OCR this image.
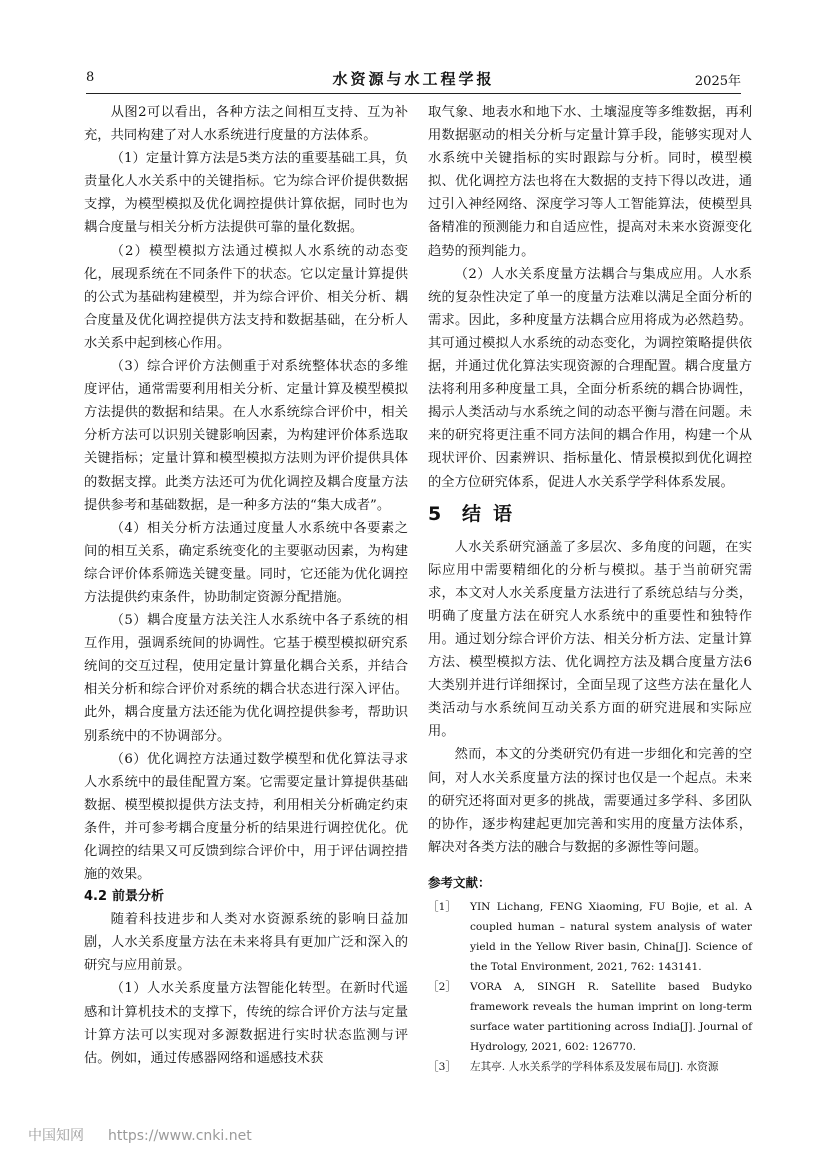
8	水资源与水工程学报	2025年

从图2可以看出，各种方法之间相互支持、互为补充，共同构建了对人水系统进行度量的方法体系。

（1）定量计算方法是5类方法的重要基础工具，负责量化人水关系中的关键指标。它为综合评价提供数据支撑，为模型模拟及优化调控提供计算依据，同时也为耦合度量与相关分析方法提供可靠的量化数据。

（2）模型模拟方法通过模拟人水系统的动态变化，展现系统在不同条件下的状态。它以定量计算提供的公式为基础构建模型，并为综合评价、相关分析、耦合度量及优化调控提供方法支持和数据基础，在分析人水关系中起到核心作用。

（3）综合评价方法侧重于对系统整体状态的多维度评估，通常需要利用相关分析、定量计算及模型模拟方法提供的数据和结果。在人水系统综合评价中，相关分析方法可以识别关键影响因素，为构建评价体系选取关键指标；定量计算和模型模拟方法则为评价提供具体的数据支撑。此类方法还可为优化调控及耦合度量方法提供参考和基础数据，是一种多方法的“集大成者”。

（4）相关分析方法通过度量人水系统中各要素之间的相互关系，确定系统变化的主要驱动因素，为构建综合评价体系筛选关键变量。同时，它还能为优化调控方法提供约束条件，协助制定资源分配措施。

（5）耦合度量方法关注人水系统中各子系统的相互作用，强调系统间的协调性。它基于模型模拟研究系统间的交互过程，使用定量计算量化耦合关系，并结合相关分析和综合评价对系统的耦合状态进行深入评估。此外，耦合度量方法还能为优化调控提供参考，帮助识别系统中的不协调部分。

（6）优化调控方法通过数学模型和优化算法寻求人水系统中的最佳配置方案。它需要定量计算提供基础数据、模型模拟提供方法支持，利用相关分析确定约束条件，并可参考耦合度量分析的结果进行调控优化。优化调控的结果又可反馈到综合评价中，用于评估调控措施的效果。

4.2 前景分析

随着科技进步和人类对水资源系统的影响日益加剧，人水关系度量方法在未来将具有更加广泛和深入的研究与应用前景。

（1）人水关系度量方法智能化转型。在新时代遥感和计算机技术的支撑下，传统的综合评价方法与定量计算方法可以实现对多源数据进行实时状态监测与评估。例如，通过传感器网络和遥感技术获

取气象、地表水和地下水、土壤湿度等多维数据，再利用数据驱动的相关分析与定量计算手段，能够实现对人水系统中关键指标的实时跟踪与分析。同时，模型模拟、优化调控方法也将在大数据的支持下得以改进，通过引入神经网络、深度学习等人工智能算法，使模型具备精准的预测能力和自适应性，提高对未来水资源变化趋势的预判能力。

（2）人水关系度量方法耦合与集成应用。人水系统的复杂性决定了单一的度量方法难以满足全面分析的需求。因此，多种度量方法耦合应用将成为必然趋势。其可通过模拟人水系统的动态变化，为调控策略提供依据，并通过优化算法实现资源的合理配置。耦合度量方法将利用多种度量工具，全面分析系统的耦合协调性，揭示人类活动与水系统之间的动态平衡与潜在问题。未来的研究将更注重不同方法间的耦合作用，构建一个从现状评价、因素辨识、指标量化、情景模拟到优化调控的全方位研究体系，促进人水关系学学科体系发展。

5 结语

人水关系研究涵盖了多层次、多角度的问题，在实际应用中需要精细化的分析与模拟。基于当前研究需求，本文对人水关系度量方法进行了系统总结与分类，明确了度量方法在研究人水系统中的重要性和独特作用。通过划分综合评价方法、相关分析方法、定量计算方法、模型模拟方法、优化调控方法及耦合度量方法6大类别并进行详细探讨，全面呈现了这些方法在量化人类活动与水系统间互动关系方面的研究进展和实际应用。

然而，本文的分类研究仍有进一步细化和完善的空间，对人水关系度量方法的探讨也仅是一个起点。未来的研究还将面对更多的挑战，需要通过多学科、多团队的协作，逐步构建起更加完善和实用的度量方法体系，解决对各类方法的融合与数据的多源性等问题。

参考文献：

［1］ YIN Lichang, FENG Xiaoming, FU Bojie, et al. A coupled human – natural system analysis of water yield in the Yellow River basin, China[J]. Science of the Total Environment, 2021, 762: 143141.

［2］ VORA A, SINGH R. Satellite based Budyko framework reveals the human imprint on long-term surface water partitioning across India[J]. Journal of Hydrology, 2021, 602: 126770.

［3］ 左其亭. 人水关系学的学科体系及发展布局[J]. 水资源

中国知网 https://www.cnki.net
